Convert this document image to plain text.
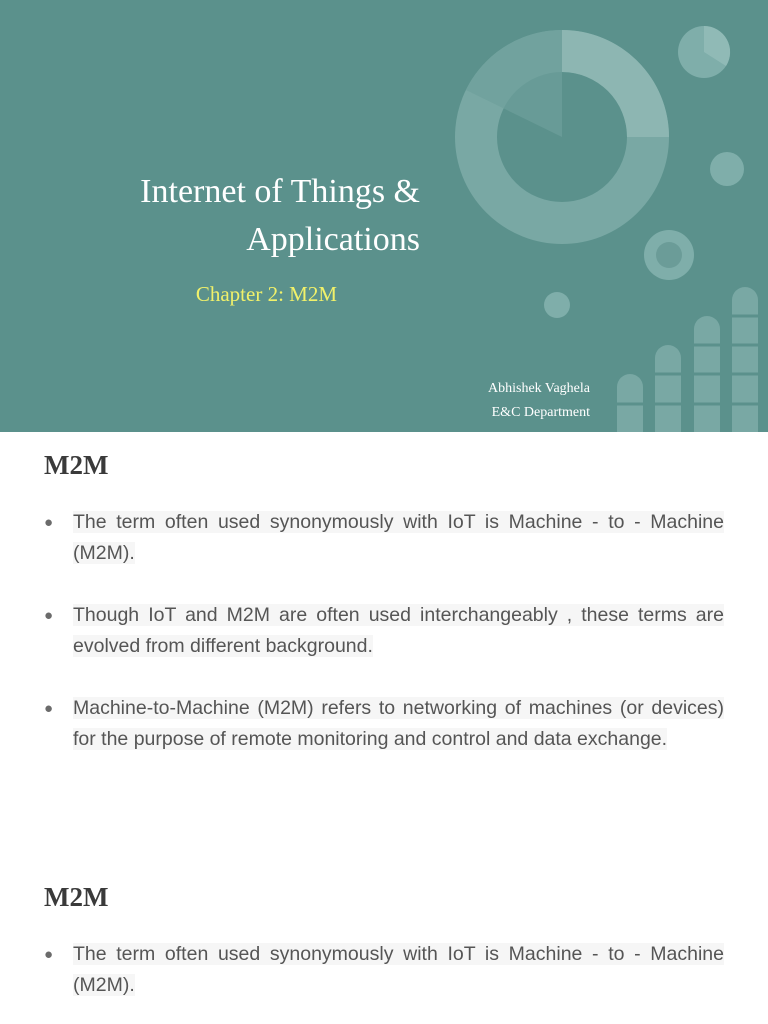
Internet of Things &
Applications

Chapter 2: M2M

Abhishek Vaghela
E&C Department
M2M
● The term often used synonymously with IoT is Machine - to - Machine (M2M).
● Though IoT and M2M are often used interchangeably , these terms are evolved from different background.
● Machine-to-Machine (M2M) refers to networking of machines (or devices) for the purpose of remote monitoring and control and data exchange.
M2M
● The term often used synonymously with IoT is Machine - to - Machine (M2M).
